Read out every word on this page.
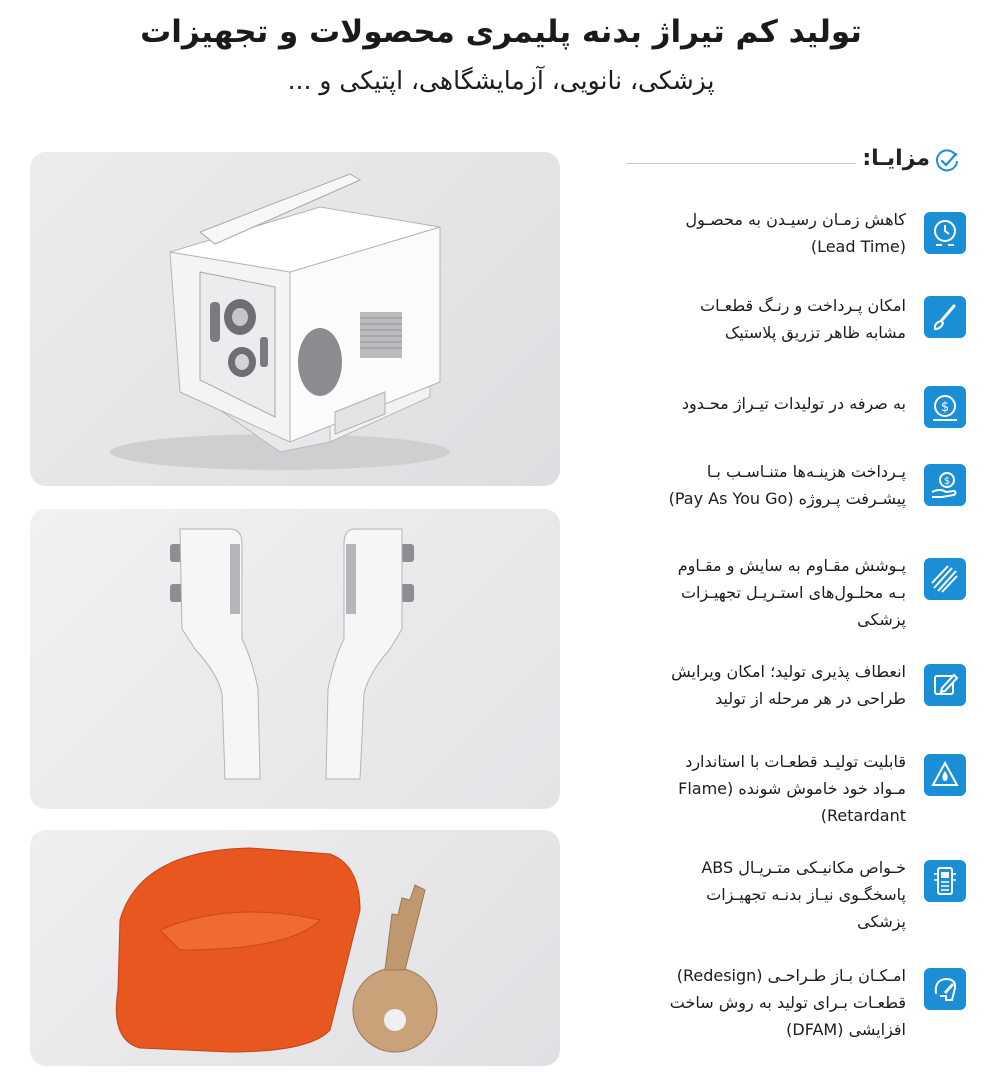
تولید کم تیراژ بدنه پلیمری محصولات و تجهیزات
پزشکی، نانویی، آزمایشگاهی، اپتیکی و ...
مزایـا:
کاهش زمـان رسیـدن به محصـول
(Lead Time)
امکان پـرداخت و رنـگ قطعـات
مشابه ظاهر تزریق پلاستیک
به صرفه در تولیدات تیـراژ محـدود	$
پـرداخت هزینـه‌ها متنـاسـب بـا
پیشـرفت پـروژه (Pay As You Go)
$
پـوشش مقـاوم به سایش و مقـاوم
بـه محلـول‌های استـریـل تجهیـزات
پزشکی
انعطاف پذیری تولید؛ امکان ویرایش
طراحی در هر مرحله از تولید
قابلیت تولیـد قطعـات با استاندارد
مـواد خود خاموش شونده (Flame
Retardant)
خـواص مکانیـکی متـریـال ABS
پاسخگـوی نیـاز بدنـه تجهیـزات
پزشکی
امـکـان بـاز طـراحـی (Redesign)
قطعـات بـرای تولید به روش ساخت
افزایشی (DFAM)
